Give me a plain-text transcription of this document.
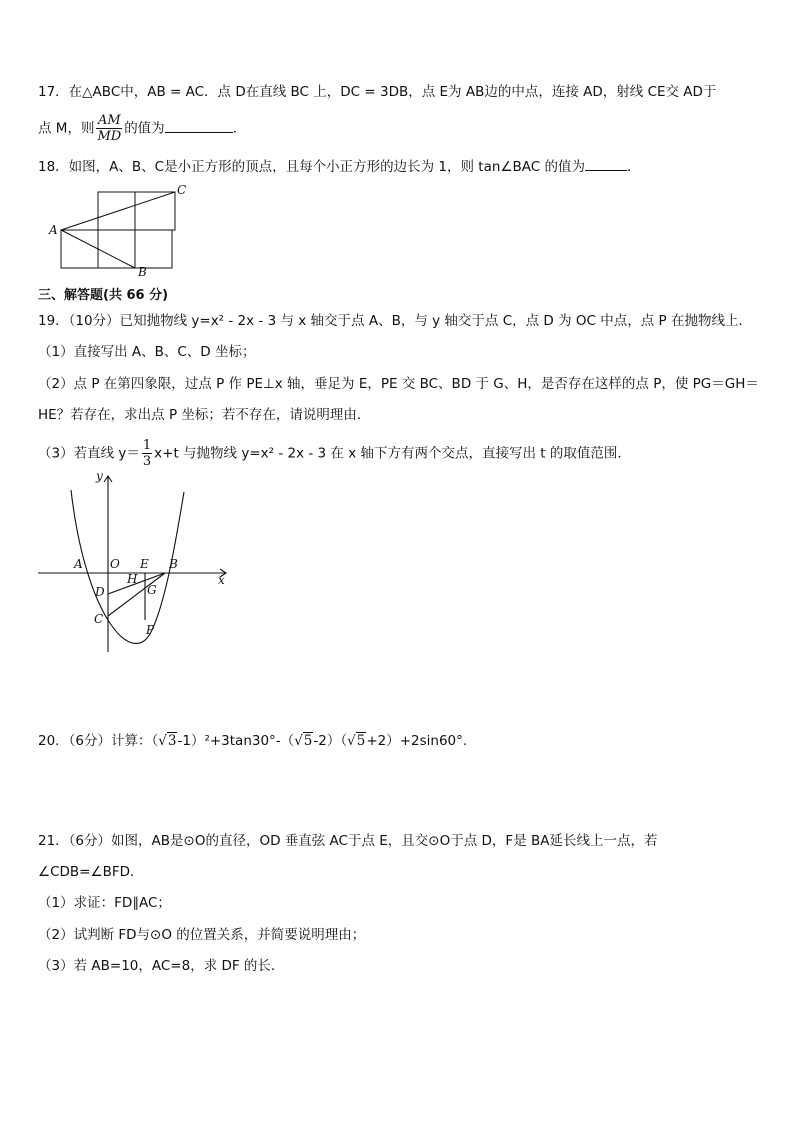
17．在△ABC中，AB = AC．点 D在直线 BC 上，DC = 3DB，点 E为 AB边的中点，连接 AD，射线 CE交 AD于
点 M，则 $\frac{AM}{MD}$ 的值为	．
18．如图，A、B、C是小正方形的顶点，且每个小正方形的边长为 1，则 tan∠BAC 的值为	．
A
C
B
三、解答题(共 66 分)
19．（10分）已知抛物线 y=x² - 2x - 3 与 x 轴交于点 A、B，与 y 轴交于点 C，点 D 为 OC 中点，点 P 在抛物线上．
（1）直接写出 A、B、C、D 坐标；
（2）点 P 在第四象限，过点 P 作 PE⊥x 轴，垂足为 E，PE 交 BC、BD 于 G、H，是否存在这样的点 P，使 PG＝GH＝
HE？若存在，求出点 P 坐标；若不存在，请说明理由．
（3）若直线 $y= \frac{1}{3} x+t$ 与抛物线 y=x² - 2x - 3 在 x 轴下方有两个交点，直接写出 t 的取值范围．
y
x
A O E B
H
D	G
C
P
20．（6分）计算：（√3-1）²+3tan30°-（√5-2）（√5+2）+2sin60°.
21．（6分）如图，AB是⊙O的直径，OD 垂直弦 AC于点 E，且交⊙O于点 D，F是 BA延长线上一点，若
∠CDB=∠BFD．
（1）求证：FD∥AC；
（2）试判断 FD与⊙O 的位置关系，并简要说明理由；
（3）若 AB=10，AC=8，求 DF 的长．
